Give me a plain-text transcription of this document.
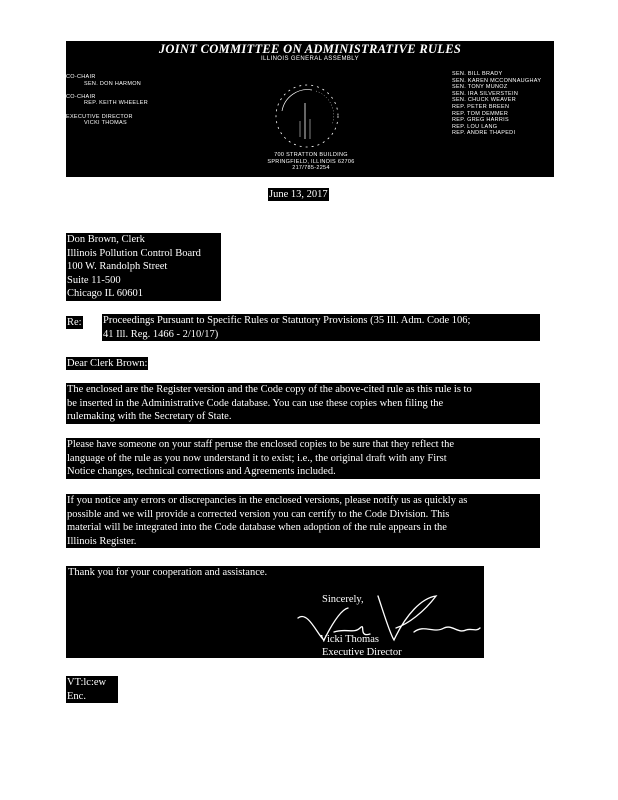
JOINT COMMITTEE ON ADMINISTRATIVE RULES
ILLINOIS GENERAL ASSEMBLY
CO-CHAIR
SEN. DON HARMON

CO-CHAIR
REP. KEITH WHEELER

EXECUTIVE DIRECTOR
VICKI THOMAS
700 STRATTON BUILDING
SPRINGFIELD, ILLINOIS 62706
217/785-2254
SEN. BILL BRADY
SEN. KAREN MCCONNAUGHAY
SEN. TONY MUNOZ
SEN. IRA SILVERSTEIN
SEN. CHUCK WEAVER
REP. PETER BREEN
REP. TOM DEMMER
REP. GREG HARRIS
REP. LOU LANG
REP. ANDRE THAPEDI
June 13, 2017
Don Brown, Clerk
Illinois Pollution Control Board
100 W. Randolph Street
Suite 11-500
Chicago IL 60601
Re: Proceedings Pursuant to Specific Rules or Statutory Provisions (35 Ill. Adm. Code 106;
41 Ill. Reg. 1466 - 2/10/17)
Dear Clerk Brown:
The enclosed are the Register version and the Code copy of the above-cited rule as this rule is to
be inserted in the Administrative Code database. You can use these copies when filing the
rulemaking with the Secretary of State.
Please have someone on your staff peruse the enclosed copies to be sure that they reflect the
language of the rule as you now understand it to exist; i.e., the original draft with any First
Notice changes, technical corrections and Agreements included.
If you notice any errors or discrepancies in the enclosed versions, please notify us as quickly as
possible and we will provide a corrected version you can certify to the Code Division. This
material will be integrated into the Code database when adoption of the rule appears in the
Illinois Register.
Thank you for your cooperation and assistance.
Sincerely,
Vicki Thomas
Vicki Thomas
Executive Director
VT:lc:ew
Enc.
